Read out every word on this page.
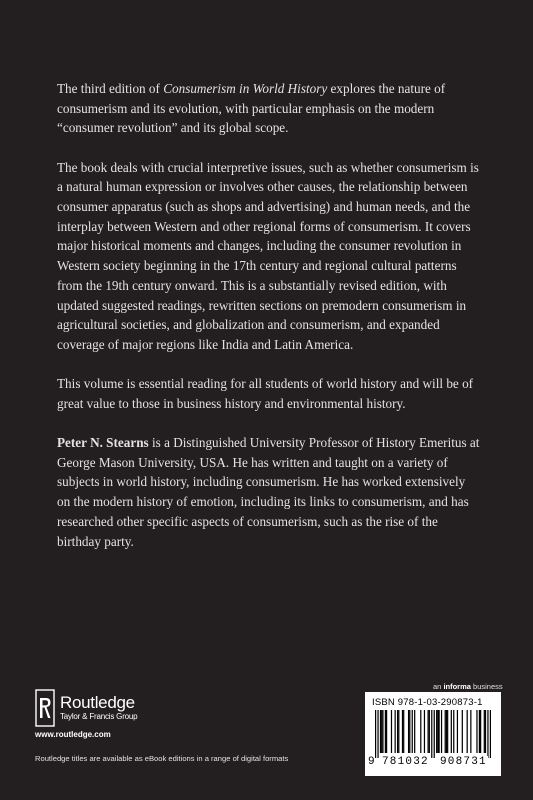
The third edition of Consumerism in World History explores the nature of consumerism and its evolution, with particular emphasis on the modern “consumer revolution” and its global scope.

The book deals with crucial interpretive issues, such as whether consumerism is a natural human expression or involves other causes, the relationship between consumer apparatus (such as shops and advertising) and human needs, and the interplay between Western and other regional forms of consumerism. It covers major historical moments and changes, including the consumer revolution in Western society beginning in the 17th century and regional cultural patterns from the 19th century onward. This is a substantially revised edition, with updated suggested readings, rewritten sections on premodern consumerism in agricultural societies, and globalization and consumerism, and expanded coverage of major regions like India and Latin America.

This volume is essential reading for all students of world history and will be of great value to those in business history and environmental history.

Peter N. Stearns is a Distinguished University Professor of History Emeritus at George Mason University, USA. He has written and taught on a variety of subjects in world history, including consumerism. He has worked extensively on the modern history of emotion, including its links to consumerism, and has researched other specific aspects of consumerism, such as the rise of the birthday party.

Routledge
Taylor & Francis Group
www.routledge.com
Routledge titles are available as eBook editions in a range of digital formats
an informa business
ISBN 978-1-03-290873-1
9 781032 908731
